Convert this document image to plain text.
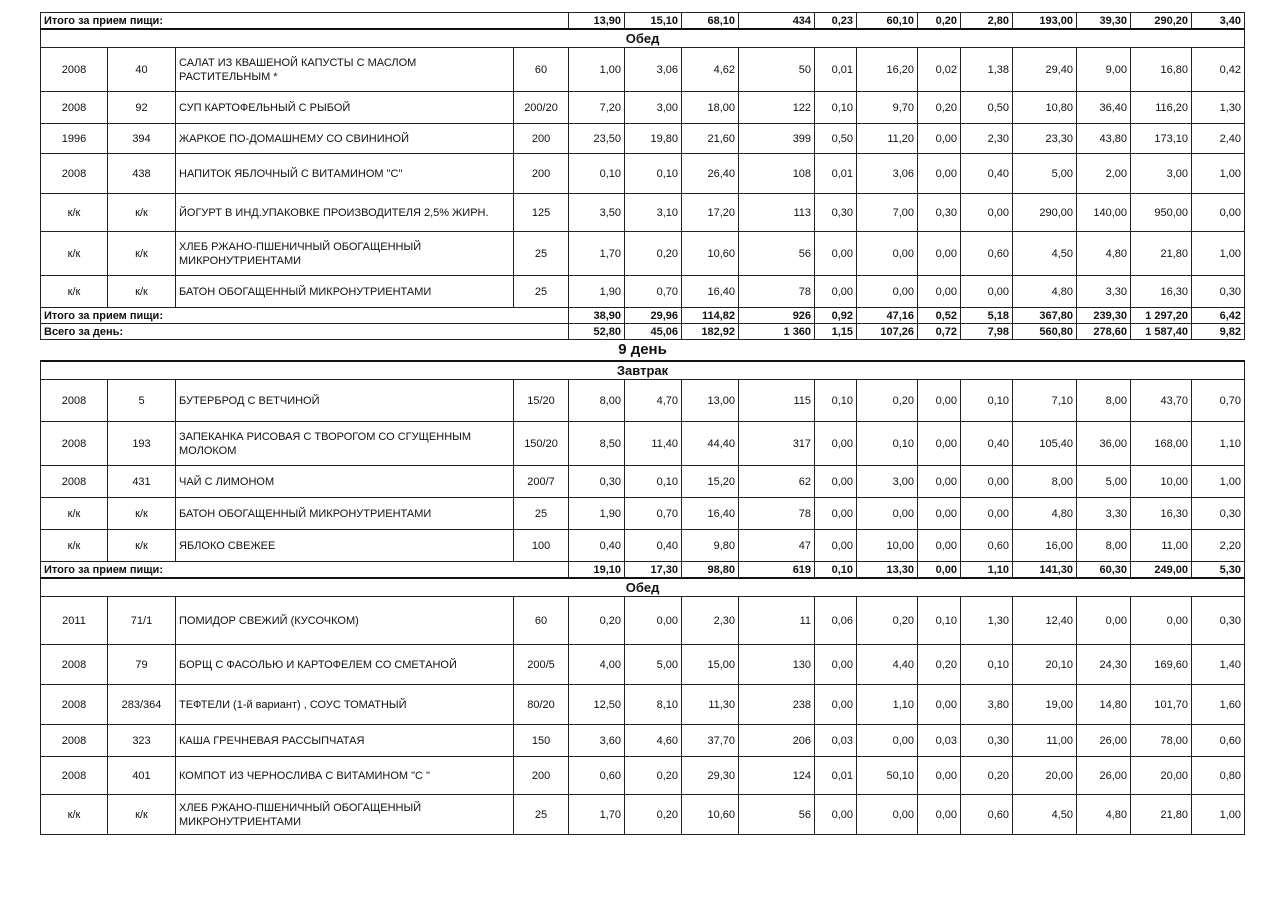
Итого за прием пищи:				13,90	15,10	68,10	434	0,23	60,10	0,20	2,80	193,00	39,30	290,20	3,40
Обед															
2008	40	САЛАТ ИЗ КВАШЕНОЙ КАПУСТЫ С МАСЛОМ РАСТИТЕЛЬНЫМ *	60	1,00	3,06	4,62	50	0,01	16,20	0,02	1,38	29,40	9,00	16,80	0,42
2008	92	СУП КАРТОФЕЛЬНЫЙ С РЫБОЙ	200/20	7,20	3,00	18,00	122	0,10	9,70	0,20	0,50	10,80	36,40	116,20	1,30
1996	394	ЖАРКОЕ ПО-ДОМАШНЕМУ СО СВИНИНОЙ	200	23,50	19,80	21,60	399	0,50	11,20	0,00	2,30	23,30	43,80	173,10	2,40
2008	438	НАПИТОК ЯБЛОЧНЫЙ С ВИТАМИНОМ "С"	200	0,10	0,10	26,40	108	0,01	3,06	0,00	0,40	5,00	2,00	3,00	1,00
к/к	к/к	ЙОГУРТ В ИНД.УПАКОВКЕ ПРОИЗВОДИТЕЛЯ 2,5% ЖИРН.	125	3,50	3,10	17,20	113	0,30	7,00	0,30	0,00	290,00	140,00	950,00	0,00
к/к	к/к	ХЛЕБ РЖАНО-ПШЕНИЧНЫЙ ОБОГАЩЕННЫЙ МИКРОНУТРИЕНТАМИ	25	1,70	0,20	10,60	56	0,00	0,00	0,00	0,60	4,50	4,80	21,80	1,00
к/к	к/к	БАТОН ОБОГАЩЕННЫЙ МИКРОНУТРИЕНТАМИ	25	1,90	0,70	16,40	78	0,00	0,00	0,00	0,00	4,80	3,30	16,30	0,30
Итого за прием пищи:				38,90	29,96	114,82	926	0,92	47,16	0,52	5,18	367,80	239,30	1 297,20	6,42
Всего за день:				52,80	45,06	182,92	1 360	1,15	107,26	0,72	7,98	560,80	278,60	1 587,40	9,82
9 день															
Завтрак															
2008	5	БУТЕРБРОД С ВЕТЧИНОЙ	15/20	8,00	4,70	13,00	115	0,10	0,20	0,00	0,10	7,10	8,00	43,70	0,70
2008	193	ЗАПЕКАНКА РИСОВАЯ С ТВОРОГОМ СО СГУЩЕННЫМ МОЛОКОМ	150/20	8,50	11,40	44,40	317	0,00	0,10	0,00	0,40	105,40	36,00	168,00	1,10
2008	431	ЧАЙ С ЛИМОНОМ	200/7	0,30	0,10	15,20	62	0,00	3,00	0,00	0,00	8,00	5,00	10,00	1,00
к/к	к/к	БАТОН ОБОГАЩЕННЫЙ МИКРОНУТРИЕНТАМИ	25	1,90	0,70	16,40	78	0,00	0,00	0,00	0,00	4,80	3,30	16,30	0,30
к/к	к/к	ЯБЛОКО СВЕЖЕЕ	100	0,40	0,40	9,80	47	0,00	10,00	0,00	0,60	16,00	8,00	11,00	2,20
Итого за прием пищи:				19,10	17,30	98,80	619	0,10	13,30	0,00	1,10	141,30	60,30	249,00	5,30
Обед															
2011	71/1	ПОМИДОР СВЕЖИЙ (КУСОЧКОМ)	60	0,20	0,00	2,30	11	0,06	0,20	0,10	1,30	12,40	0,00	0,00	0,30
2008	79	БОРЩ С ФАСОЛЬЮ И КАРТОФЕЛЕМ СО СМЕТАНОЙ	200/5	4,00	5,00	15,00	130	0,00	4,40	0,20	0,10	20,10	24,30	169,60	1,40
2008	283/364	ТЕФТЕЛИ (1-й вариант) , СОУС ТОМАТНЫЙ	80/20	12,50	8,10	11,30	238	0,00	1,10	0,00	3,80	19,00	14,80	101,70	1,60
2008	323	КАША ГРЕЧНЕВАЯ РАССЫПЧАТАЯ	150	3,60	4,60	37,70	206	0,03	0,00	0,03	0,30	11,00	26,00	78,00	0,60
2008	401	КОМПОТ ИЗ ЧЕРНОСЛИВА С ВИТАМИНОМ "С "	200	0,60	0,20	29,30	124	0,01	50,10	0,00	0,20	20,00	26,00	20,00	0,80
к/к	к/к	ХЛЕБ РЖАНО-ПШЕНИЧНЫЙ ОБОГАЩЕННЫЙ МИКРОНУТРИЕНТАМИ	25	1,70	0,20	10,60	56	0,00	0,00	0,00	0,60	4,50	4,80	21,80	1,00
